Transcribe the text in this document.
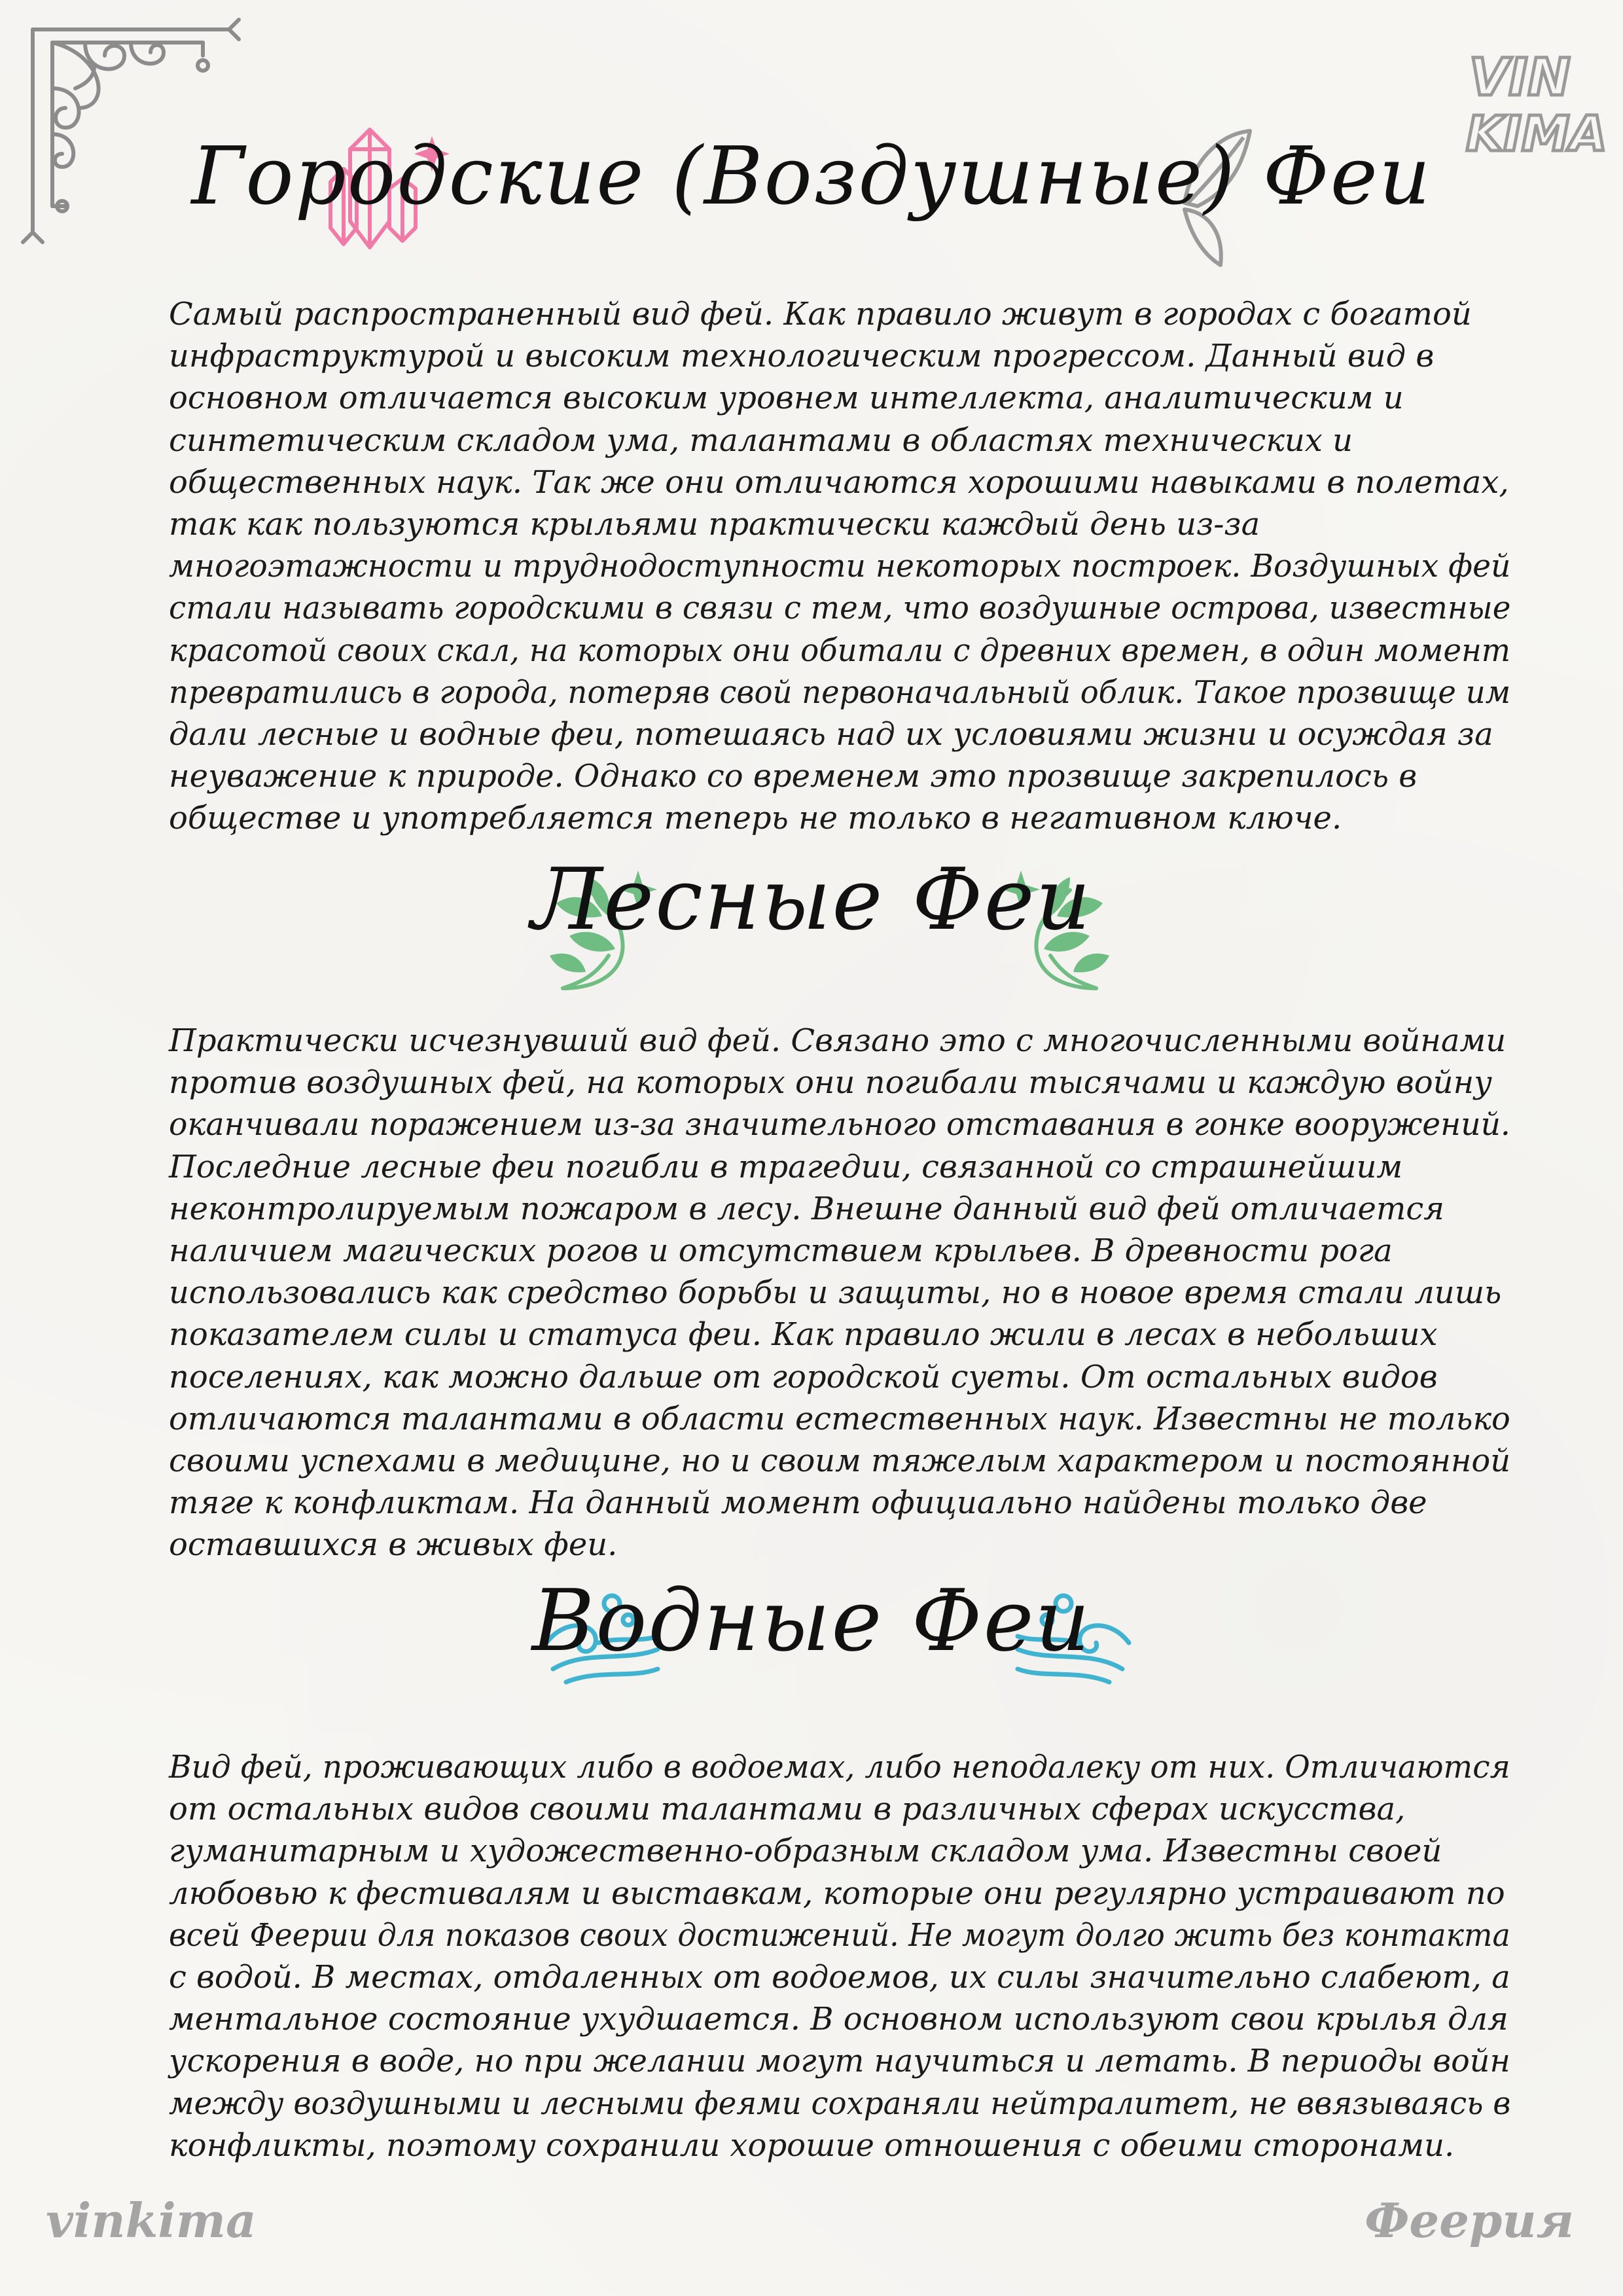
VIN
KIMA
Городские (Воздушные) Феи
Лесные Феи
Водные Феи

Самый распространенный вид фей. Как правило живут в городах с богатой
инфраструктурой и высоким технологическим прогрессом. Данный вид в
основном отличается высоким уровнем интеллекта, аналитическим и
синтетическим складом ума, талантами в областях технических и
общественных наук. Так же они отличаются хорошими навыками в полетах,
так как пользуются крыльями практически каждый день из-за
многоэтажности и труднодоступности некоторых построек. Воздушных фей
стали называть городскими в связи с тем, что воздушные острова, известные
красотой своих скал, на которых они обитали с древних времен, в один момент
превратились в города, потеряв свой первоначальный облик. Такое прозвище им
дали лесные и водные феи, потешаясь над их условиями жизни и осуждая за
неуважение к природе. Однако со временем это прозвище закрепилось в
обществе и употребляется теперь не только в негативном ключе.

Практически исчезнувший вид фей. Связано это с многочисленными войнами
против воздушных фей, на которых они погибали тысячами и каждую войну
оканчивали поражением из-за значительного отставания в гонке вооружений.
Последние лесные феи погибли в трагедии, связанной со страшнейшим
неконтролируемым пожаром в лесу. Внешне данный вид фей отличается
наличием магических рогов и отсутствием крыльев. В древности рога
использовались как средство борьбы и защиты, но в новое время стали лишь
показателем силы и статуса феи. Как правило жили в лесах в небольших
поселениях, как можно дальше от городской суеты. От остальных видов
отличаются талантами в области естественных наук. Известны не только
своими успехами в медицине, но и своим тяжелым характером и постоянной
тяге к конфликтам. На данный момент официально найдены только две
оставшихся в живых феи.

Вид фей, проживающих либо в водоемах, либо неподалеку от них. Отличаются
от остальных видов своими талантами в различных сферах искусства,
гуманитарным и художественно-образным складом ума. Известны своей
любовью к фестивалям и выставкам, которые они регулярно устраивают по
всей Феерии для показов своих достижений. Не могут долго жить без контакта
с водой. В местах, отдаленных от водоемов, их силы значительно слабеют, а
ментальное состояние ухудшается. В основном используют свои крылья для
ускорения в воде, но при желании могут научиться и летать. В периоды войн
между воздушными и лесными феями сохраняли нейтралитет, не ввязываясь в
конфликты, поэтому сохранили хорошие отношения с обеими сторонами.

vinkima	Феерия
